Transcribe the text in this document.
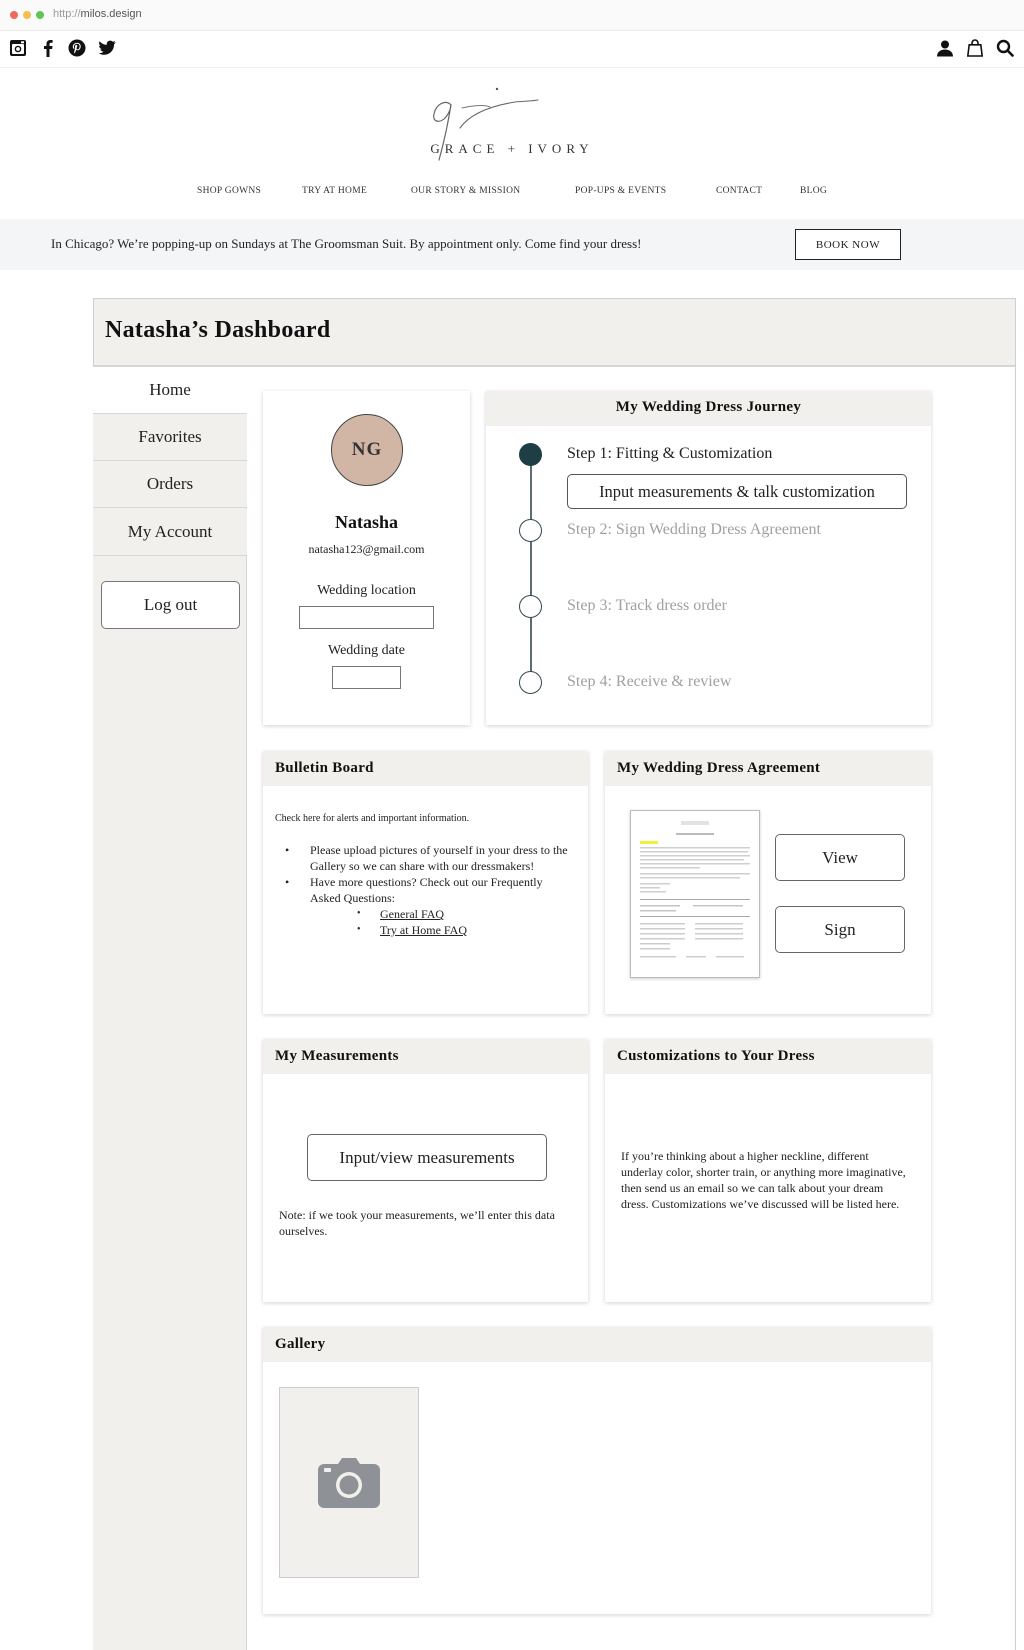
http://milos.design
GRACE + IVORY
SHOP GOWNS	TRY AT HOME	OUR STORY & MISSION	POP-UPS & EVENTS	CONTACT	BLOG
In Chicago? We’re popping-up on Sundays at The Groomsman Suit. By appointment only. Come find your dress!	BOOK NOW
Natasha’s Dashboard
Home
Favorites
Orders
My Account
Log out
NG
Natasha
natasha123@gmail.com
Wedding location
Wedding date
My Wedding Dress Journey
Step 1: Fitting & Customization
Input measurements & talk customization
Step 2: Sign Wedding Dress Agreement
Step 3: Track dress order
Step 4: Receive & review
Bulletin Board
Check here for alerts and important information.
• Please upload pictures of yourself in your dress to the Gallery so we can share with our dressmakers!
• Have more questions? Check out our Frequently Asked Questions:
• General FAQ
• Try at Home FAQ
My Wedding Dress Agreement
View
Sign
My Measurements
Input/view measurements
Note: if we took your measurements, we’ll enter this data ourselves.
Customizations to Your Dress
If you’re thinking about a higher neckline, different underlay color, shorter train, or anything more imaginative, then send us an email so we can talk about your dream dress. Customizations we’ve discussed will be listed here.
Gallery
